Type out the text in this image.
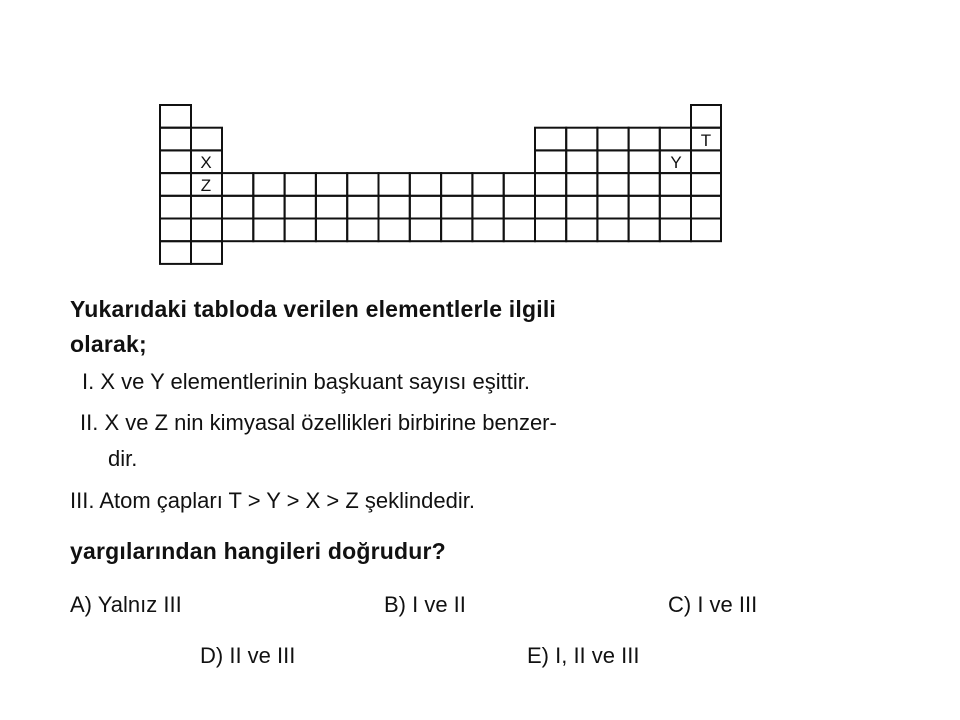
X
Z
Y
T
Yukarıdaki tabloda verilen elementlerle ilgili
olarak;
I. X ve Y elementlerinin başkuant sayısı eşittir.
II. X ve Z nin kimyasal özellikleri birbirine benzer-
dir.
III. Atom çapları T > Y > X > Z şeklindedir.
yargılarından hangileri doğrudur?
A) Yalnız III	B) I ve II	C) I ve III
D) II ve III	E) I, II ve III
